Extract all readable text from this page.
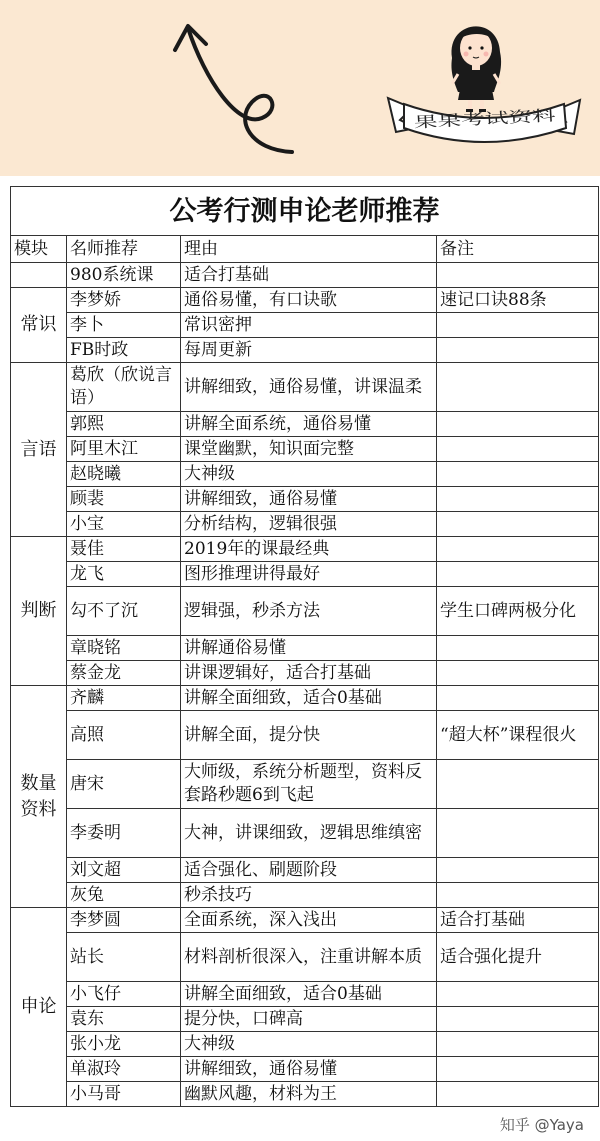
果果考试资料
公考行测申论老师推荐			
模块	名师推荐	理由	备注
	980系统课	适合打基础	
常识	李梦娇	通俗易懂，有口诀歌	速记口诀88条
	李卜	常识密押	
	FB时政	每周更新	
言语	葛欣（欣说言语）	讲解细致，通俗易懂，讲课温柔	
	郭熙	讲解全面系统，通俗易懂	
	阿里木江	课堂幽默，知识面完整	
	赵晓曦	大神级	
	顾裴	讲解细致，通俗易懂	
	小宝	分析结构，逻辑很强	
判断	聂佳	2019年的课最经典	
	龙飞	图形推理讲得最好	
	勾不了沉	逻辑强，秒杀方法	学生口碑两极分化
	章晓铭	讲解通俗易懂	
	蔡金龙	讲课逻辑好，适合打基础	
数量资料	齐麟	讲解全面细致，适合0基础	
	高照	讲解全面，提分快	“超大杯”课程很火
	唐宋	大师级，系统分析题型，资料反套路秒题6到飞起	
	李委明	大神，讲课细致，逻辑思维缜密	
	刘文超	适合强化、刷题阶段	
	灰兔	秒杀技巧	
申论	李梦圆	全面系统，深入浅出	适合打基础
	站长	材料剖析很深入，注重讲解本质	适合强化提升
	小飞仔	讲解全面细致，适合0基础	
	袁东	提分快，口碑高	
	张小龙	大神级	
	单淑玲	讲解细致，通俗易懂	
	小马哥	幽默风趣，材料为王	
知乎 @Yaya
